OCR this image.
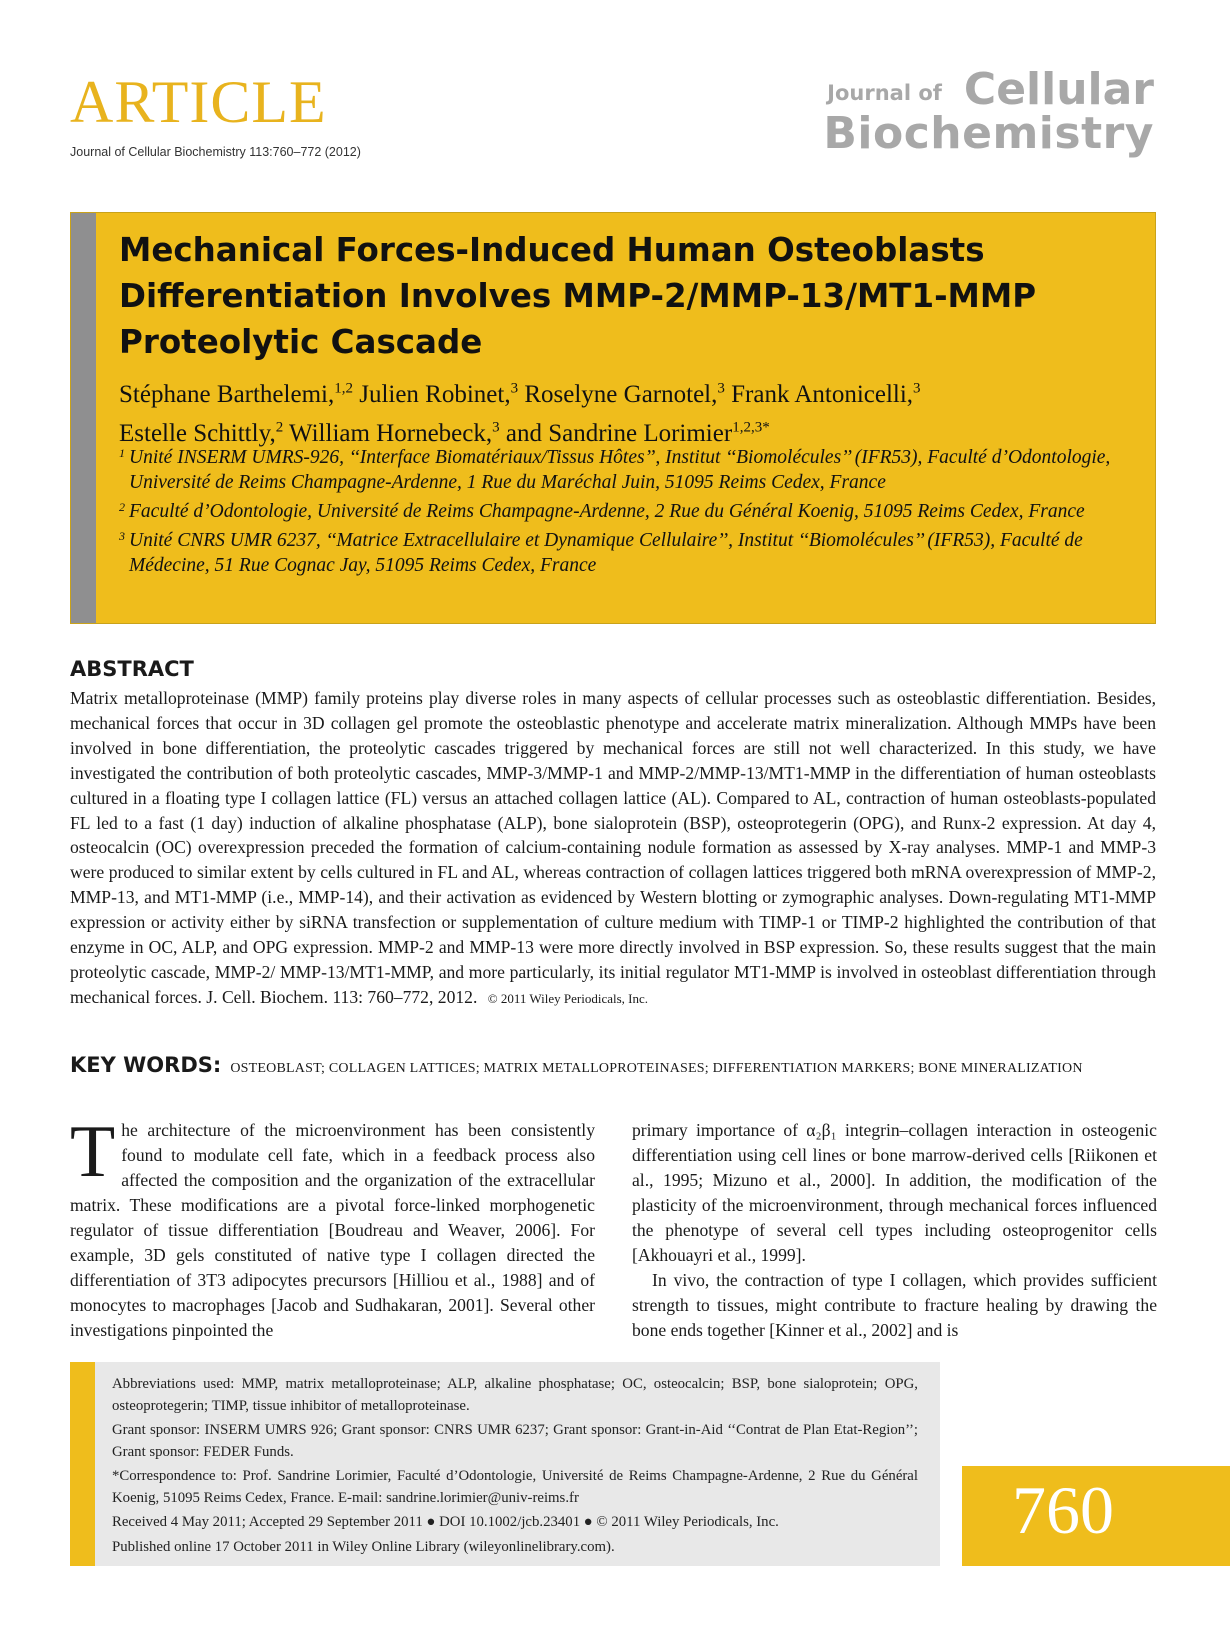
ARTICLE
Journal of Cellular Biochemistry 113:760–772 (2012)
Journal of Cellular
Biochemistry
Mechanical Forces-Induced Human Osteoblasts Differentiation Involves MMP-2/MMP-13/MT1-MMP Proteolytic Cascade
Stéphane Barthelemi,$^{1,2}$ Julien Robinet,$^3$ Roselyne Garnotel,$^3$ Frank Antonicelli,$^3$
Estelle Schittly,$^2$ William Hornebeck,$^3$ and Sandrine Lorimier$^{1,2,3*}$
1 Unité INSERM UMRS-926, ‘‘Interface Biomatériaux/Tissus Hôtes’’, Institut ‘‘Biomolécules’’ (IFR53), Faculté d’Odontologie, Université de Reims Champagne-Ardenne, 1 Rue du Maréchal Juin, 51095 Reims Cedex, France
2 Faculté d’Odontologie, Université de Reims Champagne-Ardenne, 2 Rue du Général Koenig, 51095 Reims Cedex, France
3 Unité CNRS UMR 6237, ‘‘Matrice Extracellulaire et Dynamique Cellulaire’’, Institut ‘‘Biomolécules’’ (IFR53), Faculté de Médecine, 51 Rue Cognac Jay, 51095 Reims Cedex, France
ABSTRACT
Matrix metalloproteinase (MMP) family proteins play diverse roles in many aspects of cellular processes such as osteoblastic differentiation. Besides, mechanical forces that occur in 3D collagen gel promote the osteoblastic phenotype and accelerate matrix mineralization. Although MMPs have been involved in bone differentiation, the proteolytic cascades triggered by mechanical forces are still not well characterized. In this study, we have investigated the contribution of both proteolytic cascades, MMP-3/MMP-1 and MMP-2/MMP-13/MT1-MMP in the differentiation of human osteoblasts cultured in a floating type I collagen lattice (FL) versus an attached collagen lattice (AL). Compared to AL, contraction of human osteoblasts-populated FL led to a fast (1 day) induction of alkaline phosphatase (ALP), bone sialoprotein (BSP), osteoprotegerin (OPG), and Runx-2 expression. At day 4, osteocalcin (OC) overexpression preceded the formation of calcium-containing nodule formation as assessed by X-ray analyses. MMP-1 and MMP-3 were produced to similar extent by cells cultured in FL and AL, whereas contraction of collagen lattices triggered both mRNA overexpression of MMP-2, MMP-13, and MT1-MMP (i.e., MMP-14), and their activation as evidenced by Western blotting or zymographic analyses. Down-regulating MT1-MMP expression or activity either by siRNA transfection or supplementation of culture medium with TIMP-1 or TIMP-2 highlighted the contribution of that enzyme in OC, ALP, and OPG expression. MMP-2 and MMP-13 were more directly involved in BSP expression. So, these results suggest that the main proteolytic cascade, MMP-2/ MMP-13/MT1-MMP, and more particularly, its initial regulator MT1-MMP is involved in osteoblast differentiation through mechanical forces. J. Cell. Biochem. 113: 760–772, 2012. © 2011 Wiley Periodicals, Inc.
KEY WORDS: OSTEOBLAST; COLLAGEN LATTICES; MATRIX METALLOPROTEINASES; DIFFERENTIATION MARKERS; BONE MINERALIZATION
T he architecture of the microenvironment has been consistently found to modulate cell fate, which in a feedback process also affected the composition and the organization of the extracellular matrix. These modifications are a pivotal force-linked morphogenetic regulator of tissue differentiation [Boudreau and Weaver, 2006]. For example, 3D gels constituted of native type I collagen directed the differentiation of 3T3 adipocytes precursors [Hilliou et al., 1988] and of monocytes to macrophages [Jacob and Sudhakaran, 2001]. Several other investigations pinpointed the

primary importance of α₂β₁ integrin–collagen interaction in osteogenic differentiation using cell lines or bone marrow-derived cells [Riikonen et al., 1995; Mizuno et al., 2000]. In addition, the modification of the plasticity of the microenvironment, through mechanical forces influenced the phenotype of several cell types including osteoprogenitor cells [Akhouayri et al., 1999].

In vivo, the contraction of type I collagen, which provides sufficient strength to tissues, might contribute to fracture healing by drawing the bone ends together [Kinner et al., 2002] and is

Abbreviations used: MMP, matrix metalloproteinase; ALP, alkaline phosphatase; OC, osteocalcin; BSP, bone sialoprotein; OPG, osteoprotegerin; TIMP, tissue inhibitor of metalloproteinase.

Grant sponsor: INSERM UMRS 926; Grant sponsor: CNRS UMR 6237; Grant sponsor: Grant-in-Aid ‘‘Contrat de Plan Etat-Region’’; Grant sponsor: FEDER Funds.

*Correspondence to: Prof. Sandrine Lorimier, Faculté d’Odontologie, Université de Reims Champagne-Ardenne, 2 Rue du Général Koenig, 51095 Reims Cedex, France. E-mail: sandrine.lorimier@univ-reims.fr

Received 4 May 2011; Accepted 29 September 2011 ● DOI 10.1002/jcb.23401 ● © 2011 Wiley Periodicals, Inc.

Published online 17 October 2011 in Wiley Online Library (wileyonlinelibrary.com).	760
